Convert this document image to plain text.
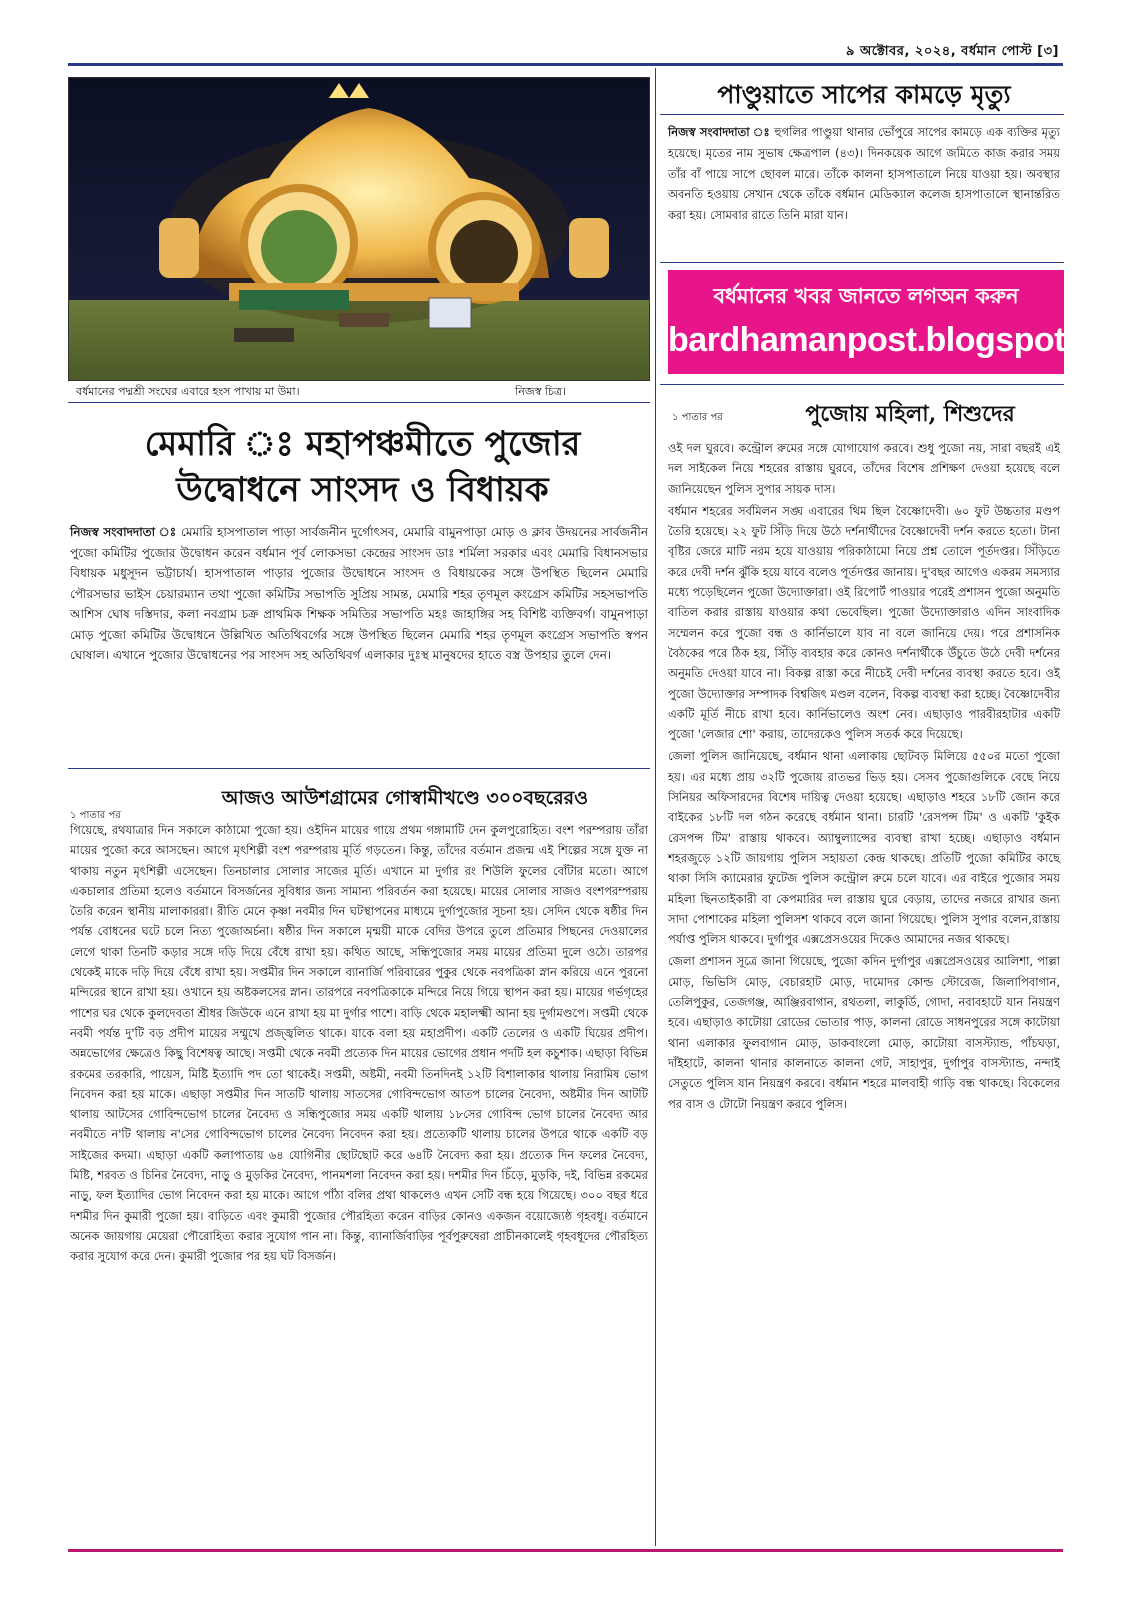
৯ অক্টোবর, ২০২৪, বর্ধমান পোস্ট [৩]
বর্ধমানের পদ্মশ্রী সংঘের এবারে হংস পাখায় মা উমা।	নিজস্ব চিত্র।
মেমারি ঃ মহাপঞ্চমীতে পুজোর
উদ্বোধনে সাংসদ ও বিধায়ক
নিজস্ব সংবাদদাতা ঃ মেমারি হাসপাতাল পাড়া সার্বজনীন দুর্গোৎসব, মেমারি বামুনপাড়া মোড় ও ক্লাব উদয়নের সার্বজনীন পুজো কমিটির পুজোর উদ্বোধন করেন বর্ধমান পূর্ব লোকসভা কেন্দ্রের সাংসদ ডাঃ শর্মিলা সরকার এবং মেমারি বিধানসভার বিধায়ক মধুসূদন ভট্টাচার্য। হাসপাতাল পাড়ার পুজোর উদ্বোধনে সাংসদ ও বিধায়কের সঙ্গে উপস্থিত ছিলেন মেমারি পৌরসভার ভাইস চেয়ারম্যান তথা পুজো কমিটির সভাপতি সুপ্রিয় সামন্ত, মেমারি শহর তৃণমূল কংগ্রেস কমিটির সহসভাপতি আশিস ঘোষ দস্তিদার, কলা নবগ্রাম চক্র প্রাথমিক শিক্ষক সমিতির সভাপতি মহঃ জাহাঙ্গির সহ বিশিষ্ট ব্যক্তিবর্গ। বামুনপাড়া মোড় পুজো কমিটির উদ্বোধনে উল্লিখিত অতিথিবর্গের সঙ্গে উপস্থিত ছিলেন মেমারি শহর তৃণমূল কংগ্রেস সভাপতি স্বপন ঘোষাল। এখানে পুজোর উদ্বোধনের পর সাংসদ সহ অতিথিবর্গ এলাকার দুঃস্থ মানুষদের হাতে বস্ত্র উপহার তুলে দেন।
আজও আউশগ্রামের গোস্বামীখণ্ডে ৩০০বছরেরও
১ পাতার পর
গিয়েছে, রথযাত্রার দিন সকালে কাঠামো পুজো হয়। ওইদিন মায়ের গায়ে প্রথম গঙ্গামাটি দেন কুলপুরোহিত। বংশ পরম্পরায় তাঁরা মায়ের পুজো করে আসছেন। আগে মৃৎশিল্পী বংশ পরম্পরায় মূর্তি গড়তেন। কিন্তু, তাঁদের বর্তমান প্রজন্ম এই শিল্পের সঙ্গে যুক্ত না থাকায় নতুন মৃৎশিল্পী এসেছেন। তিনচালার সোলার সাজের মূর্তি। এখানে মা দুর্গার রং শিউলি ফুলের বোঁটার মতো। আগে একচালার প্রতিমা হলেও বর্তমানে বিসর্জনের সুবিধার জন্য সামান্য পরিবর্তন করা হয়েছে। মায়ের সোলার সাজও বংশপরম্পরায় তৈরি করেন স্থানীয় মালাকাররা। রীতি মেনে কৃষ্ণা নবমীর দিন ঘটস্থাপনের মাধ্যমে দুর্গাপুজোর সূচনা হয়। সেদিন থেকে ষষ্ঠীর দিন পর্যন্ত বোধনের ঘটে চলে নিত্য পুজোঅর্চনা। ষষ্ঠীর দিন সকালে মৃন্ময়ী মাকে বেদির উপরে তুলে প্রতিমার পিছনের দেওয়ালের লেগে থাকা তিনটি কড়ার সঙ্গে দড়ি দিয়ে বেঁধে রাখা হয়। কথিত আছে, সন্ধিপুজোর সময় মায়ের প্রতিমা দুলে ওঠে। তারপর থেকেই মাকে দড়ি দিয়ে বেঁধে রাখা হয়। সপ্তমীর দিন সকালে ব্যানার্জি পরিবারের পুকুর থেকে নবপত্রিকা স্নান করিয়ে এনে পুরনো মন্দিরের স্থানে রাখা হয়। ওখানে হয় অষ্টকলসের স্নান। তারপরে নবপত্রিকাকে মন্দিরে নিয়ে গিয়ে স্থাপন করা হয়। মায়ের গর্ভগৃহের পাশের ঘর থেকে কুলদেবতা শ্রীধর জিউকে এনে রাখা হয় মা দুর্গার পাশে। বাড়ি থেকে মহালক্ষ্মী আনা হয় দুর্গামণ্ডপে। সপ্তমী থেকে নবমী পর্যন্ত দু'টি বড় প্রদীপ মায়ের সম্মুখে প্রজ্জ্বলিত থাকে। যাকে বলা হয় মহাপ্রদীপ। একটি তেলের ও একটি ঘিয়ের প্রদীপ। অন্নভোগের ক্ষেত্রেও কিছু বিশেষত্ব আছে। সপ্তমী থেকে নবমী প্রত্যেক দিন মায়ের ভোগের প্রধান পদটি হল কচুশাক। এছাড়া বিভিন্ন রকমের তরকারি, পায়েস, মিষ্টি ইত্যাদি পদ তো থাকেই। সপ্তমী, অষ্টমী, নবমী তিনদিনই ১২টি বিশালাকার থালায় নিরামিষ ভোগ নিবেদন করা হয় মাকে। এছাড়া সপ্তমীর দিন সাতটি থালায় সাতসের গোবিন্দভোগ আতপ চালের নৈবেদ্য, অষ্টমীর দিন আটটি থালায় আটসের গোবিন্দভোগ চালের নৈবেদ্য ও সন্ধিপুজোর সময় একটি থালায় ১৮সের গোবিন্দ ভোগ চালের নৈবেদ্য আর নবমীতে ন'টি থালায় ন'সের গোবিন্দভোগ চালের নৈবেদ্য নিবেদন করা হয়। প্রত্যেকটি থালায় চালের উপরে থাকে একটি বড় সাইজের কদমা। এছাড়া একটি কলাপাতায় ৬৪ যোগিনীর ছোটছোট করে ৬৪টি নৈবেদ্য করা হয়। প্রত্যেক দিন ফলের নৈবেদ্য, মিষ্টি, শরবত ও চিনির নৈবেদ্য, নাড়ু ও মুড়কির নৈবেদ্য, পানমশলা নিবেদন করা হয়। দশমীর দিন চিঁড়ে, মুড়কি, দই, বিভিন্ন রকমের নাড়ু, ফল ইত্যাদির ভোগ নিবেদন করা হয় মাকে। আগে পাঁঠা বলির প্রথা থাকলেও এখন সেটি বন্ধ হয়ে গিয়েছে। ৩০০ বছর ধরে দশমীর দিন কুমারী পুজো হয়। বাড়িতে এবং কুমারী পুজোর পৌরহিত্য করেন বাড়ির কোনও একজন বয়োজ্যেষ্ঠ গৃহবধূ। বর্তমানে অনেক জায়গায় মেয়েরা পৌরোহিত্য করার সুযোগ পান না। কিন্তু, ব্যানার্জিবাড়ির পূর্বপুরুষেরা প্রাচীনকালেই গৃহবধূদের পৌরহিত্য করার সুযোগ করে দেন। কুমারী পুজোর পর হয় ঘট বিসর্জন।
পাণ্ডুয়াতে সাপের কামড়ে মৃত্যু
নিজস্ব সংবাদদাতা ঃ হুগলির পাণ্ডুয়া থানার ভোঁপুরে সাপের কামড়ে এক ব্যক্তির মৃত্যু হয়েছে। মৃতের নাম সুভাষ ক্ষেত্রপাল (৪৩)। দিনকয়েক আগে জমিতে কাজ করার সময় তাঁর বাঁ পায়ে সাপে ছোবল মারে। তাঁকে কালনা হাসপাতালে নিয়ে যাওয়া হয়। অবস্থার অবনতি হওয়ায় সেখান থেকে তাঁকে বর্ধমান মেডিক্যাল কলেজ হাসপাতালে স্থানান্তরিত করা হয়। সোমবার রাতে তিনি মারা যান।
বর্ধমানের খবর জানতে লগঅন করুন
bardhamanpost.blogspot.com
১ পাতার পর	পুজোয় মহিলা, শিশুদের

ওই দল ঘুরবে। কন্ট্রোল রুমের সঙ্গে যোগাযোগ করবে। শুধু পুজো নয়, সারা বছরই এই দল সাইকেল নিয়ে শহরের রাস্তায় ঘুরবে, তাঁদের বিশেষ প্রশিক্ষণ দেওয়া হয়েছে বলে জানিয়েছেন পুলিস সুপার সায়ক দাস।

বর্ধমান শহরের সর্বমিলন সঙ্ঘ এবারের থিম ছিল বৈষ্ণোদেবী। ৬০ ফুট উচ্চতার মণ্ডপ তৈরি হয়েছে। ২২ ফুট সিঁড়ি দিয়ে উঠে দর্শনার্থীদের বৈষ্ণোদেবী দর্শন করতে হতো। টানা বৃষ্টির জেরে মাটি নরম হয়ে যাওয়ায় পরিকাঠামো নিয়ে প্রশ্ন তোলে পূর্তদপ্তর। সিঁড়িতে করে দেবী দর্শন ঝুঁকি হয়ে যাবে বলেও পূর্তদপ্তর জানায়। দু'বছর আগেও একরম সমস্যার মধ্যে পড়েছিলেন পুজো উদ্যোক্তারা। ওই রিপোর্ট পাওয়ার পরেই প্রশাসন পুজো অনুমতি বাতিল করার রাস্তায় যাওয়ার কথা ভেবেছিল। পুজো উদ্যোক্তারাও এদিন সাংবাদিক সম্মেলন করে পুজো বন্ধ ও কার্নিভালে যাব না বলে জানিয়ে দেয়। পরে প্রশাসনিক বৈঠকের পরে ঠিক হয়, সিঁড়ি ব্যবহার করে কোনও দর্শনার্থীকে উঁচুতে উঠে দেবী দর্শনের অনুমতি দেওয়া যাবে না। বিকল্প রাস্তা করে নীচেই দেবী দর্শনের ব্যবস্থা করতে হবে। ওই পুজো উদ্যোক্তার সম্পাদক বিশ্বজিৎ মণ্ডল বলেন, বিকল্প ব্যবস্থা করা হচ্ছে। বৈষ্ণোদেবীর একটি মূর্তি নীচে রাখা হবে। কার্নিভালেও অংশ নেব। এছাড়াও পারবীরহাটার একটি পুজো 'লেজার শো' করায়, তাদেরকেও পুলিস সতর্ক করে দিয়েছে।

জেলা পুলিস জানিয়েছে, বর্ধমান থানা এলাকায় ছোটবড় মিলিয়ে ৫৫০র মতো পুজো হয়। এর মধ্যে প্রায় ৩২টি পুজোয় রাতভর ভিড় হয়। সেসব পুজোগুলিকে বেছে নিয়ে সিনিয়র অফিসারদের বিশেষ দায়িত্ব দেওয়া হয়েছে। এছাড়াও শহরে ১৮টি জোন করে বাইকের ১৮টি দল গঠন করেছে বর্ধমান থানা। চারটি 'রেসপন্স টিম' ও একটি 'কুইক রেসপন্স টিম' রাস্তায় থাকবে। অ্যাম্বুল্যান্সের ব্যবস্থা রাখা হচ্ছে। এছাড়াও বর্ধমান শহরজুড়ে ১২টি জায়গায় পুলিস সহায়তা কেন্দ্র থাকছে। প্রতিটি পুজো কমিটির কাছে থাকা সিসি ক্যামেরার ফুটেজ পুলিস কন্ট্রোল রুমে চলে যাবে। এর বাইরে পুজোর সময় মহিলা ছিনতাইকারী বা কেপমারির দল রাস্তায় ঘুরে বেড়ায়, তাদের নজরে রাখার জন্য সাদা পোশাকের মহিলা পুলিসশ থাকবে বলে জানা গিয়েছে। পুলিস সুপার বলেন,রাস্তায় পর্যাপ্ত পুলিস থাকবে। দুর্গাপুর এক্সপ্রেসওয়ের দিকেও আমাদের নজর থাকছে।

জেলা প্রশাসন সূত্রে জানা গিয়েছে, পুজো কদিন দুর্গাপুর এক্সপ্রেসওয়ের আলিশা, পাল্লা মোড়, ভিভিসি মোড়, বেচারহাট মোড়, দামোদর কোল্ড স্টোরেজ, জিলাপিবাগান, তেলিপুকুর, তেজগঞ্জ, আঞ্জিরবাগান, রথতলা, লাকুর্ডি, গোদা, নবাবহাটে যান নিয়ন্ত্রণ হবে। এছাড়াও কাটোয়া রোডের ভোতার পাড়, কালনা রোডে সাধনপুরের সঙ্গে কাটোয়া থানা এলাকার ফুলবাগান মোড়, ডাকবাংলো মোড়, কাটোয়া বাসস্ট্যান্ড, পাঁচঘড়া, দাঁইহাটে, কালনা থানার কালনাতে কালনা গেট, সাহাপুর, দুর্গাপুর বাসস্ট্যান্ড, নন্দাই সেতুতে পুলিস যান নিয়ন্ত্রণ করবে। বর্ধমান শহরে মালবাহী গাড়ি বন্ধ থাকছে। বিকেলের পর বাস ও টোটো নিয়ন্ত্রণ করবে পুলিস।
